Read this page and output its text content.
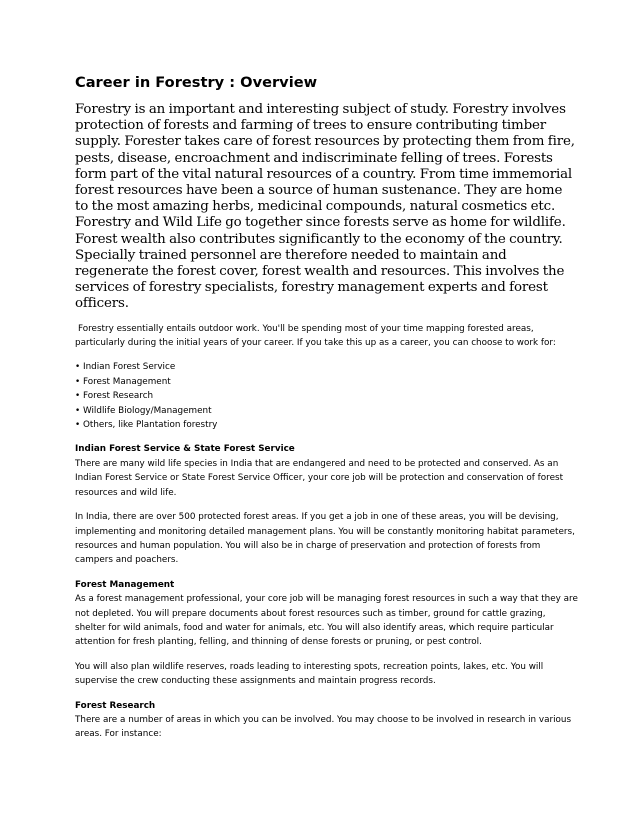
Career in Forestry : Overview

Forestry is an important and interesting subject of study. Forestry involves protection of forests and farming of trees to ensure contributing timber supply. Forester takes care of forest resources by protecting them from fire, pests, disease, encroachment and indiscriminate felling of trees. Forests form part of the vital natural resources of a country. From time immemorial forest resources have been a source of human sustenance. They are home to the most amazing herbs, medicinal compounds, natural cosmetics etc. Forestry and Wild Life go together since forests serve as home for wildlife. Forest wealth also contributes significantly to the economy of the country. Specially trained personnel are therefore needed to maintain and regenerate the forest cover, forest wealth and resources. This involves the services of forestry specialists, forestry management experts and forest officers.

Forestry essentially entails outdoor work. You'll be spending most of your time mapping forested areas, particularly during the initial years of your career. If you take this up as a career, you can choose to work for:

• Indian Forest Service
• Forest Management
• Forest Research
• Wildlife Biology/Management
• Others, like Plantation forestry

Indian Forest Service & State Forest Service

There are many wild life species in India that are endangered and need to be protected and conserved. As an Indian Forest Service or State Forest Service Officer, your core job will be protection and conservation of forest resources and wild life.

In India, there are over 500 protected forest areas. If you get a job in one of these areas, you will be devising, implementing and monitoring detailed management plans. You will be constantly monitoring habitat parameters, resources and human population. You will also be in charge of preservation and protection of forests from campers and poachers.

Forest Management

As a forest management professional, your core job will be managing forest resources in such a way that they are not depleted. You will prepare documents about forest resources such as timber, ground for cattle grazing, shelter for wild animals, food and water for animals, etc. You will also identify areas, which require particular attention for fresh planting, felling, and thinning of dense forests or pruning, or pest control.

You will also plan wildlife reserves, roads leading to interesting spots, recreation points, lakes, etc. You will supervise the crew conducting these assignments and maintain progress records.

Forest Research

There are a number of areas in which you can be involved. You may choose to be involved in research in various areas. For instance:
